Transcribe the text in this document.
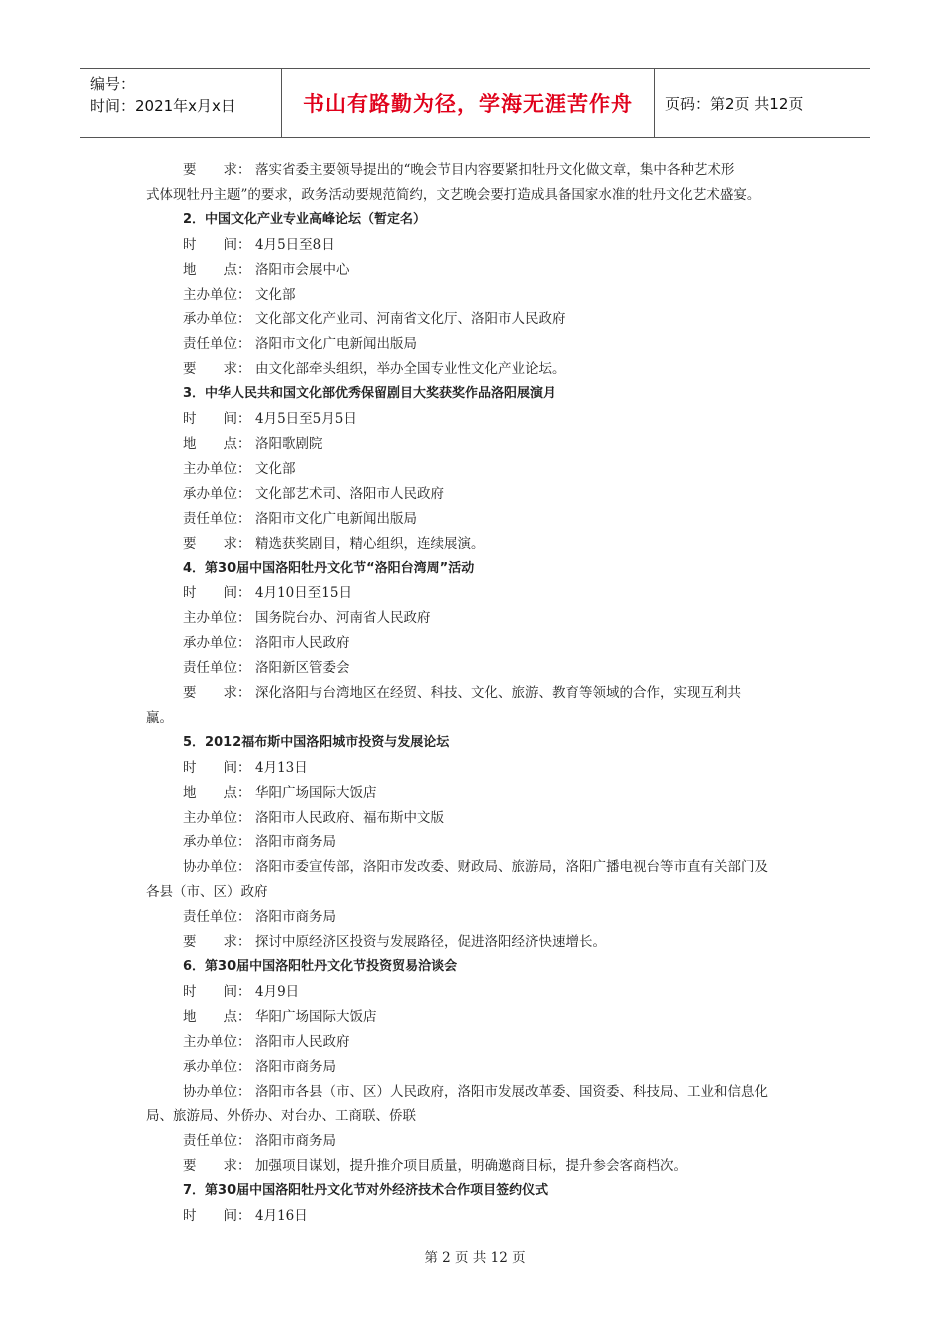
编号：
时间：2021年x月x日	书山有路勤为径，学海无涯苦作舟	页码：第2页 共12页
要　　求： 落实省委主要领导提出的“晚会节目内容要紧扣牡丹文化做文章，集中各种艺术形
式体现牡丹主题”的要求，政务活动要规范简约，文艺晚会要打造成具备国家水准的牡丹文化艺术盛宴。
2．中国文化产业专业高峰论坛（暂定名）
时　　间： 4月5日至8日
地　　点： 洛阳市会展中心
主办单位： 文化部
承办单位： 文化部文化产业司、河南省文化厅、洛阳市人民政府
责任单位： 洛阳市文化广电新闻出版局
要　　求： 由文化部牵头组织，举办全国专业性文化产业论坛。
3．中华人民共和国文化部优秀保留剧目大奖获奖作品洛阳展演月
时　　间： 4月5日至5月5日
地　　点： 洛阳歌剧院
主办单位： 文化部
承办单位： 文化部艺术司、洛阳市人民政府
责任单位： 洛阳市文化广电新闻出版局
要　　求： 精选获奖剧目，精心组织，连续展演。
4．第30届中国洛阳牡丹文化节“洛阳台湾周”活动
时　　间： 4月10日至15日
主办单位： 国务院台办、河南省人民政府
承办单位： 洛阳市人民政府
责任单位： 洛阳新区管委会
要　　求： 深化洛阳与台湾地区在经贸、科技、文化、旅游、教育等领域的合作，实现互利共
赢。
5．2012福布斯中国洛阳城市投资与发展论坛
时　　间： 4月13日
地　　点： 华阳广场国际大饭店
主办单位： 洛阳市人民政府、福布斯中文版
承办单位： 洛阳市商务局
协办单位： 洛阳市委宣传部，洛阳市发改委、财政局、旅游局，洛阳广播电视台等市直有关部门及
各县（市、区）政府
责任单位： 洛阳市商务局
要　　求： 探讨中原经济区投资与发展路径，促进洛阳经济快速增长。
6．第30届中国洛阳牡丹文化节投资贸易洽谈会
时　　间： 4月9日
地　　点： 华阳广场国际大饭店
主办单位： 洛阳市人民政府
承办单位： 洛阳市商务局
协办单位： 洛阳市各县（市、区）人民政府，洛阳市发展改革委、国资委、科技局、工业和信息化
局、旅游局、外侨办、对台办、工商联、侨联
责任单位： 洛阳市商务局
要　　求： 加强项目谋划，提升推介项目质量，明确邀商目标，提升参会客商档次。
7．第30届中国洛阳牡丹文化节对外经济技术合作项目签约仪式
时　　间： 4月16日
第 2 页 共 12 页
